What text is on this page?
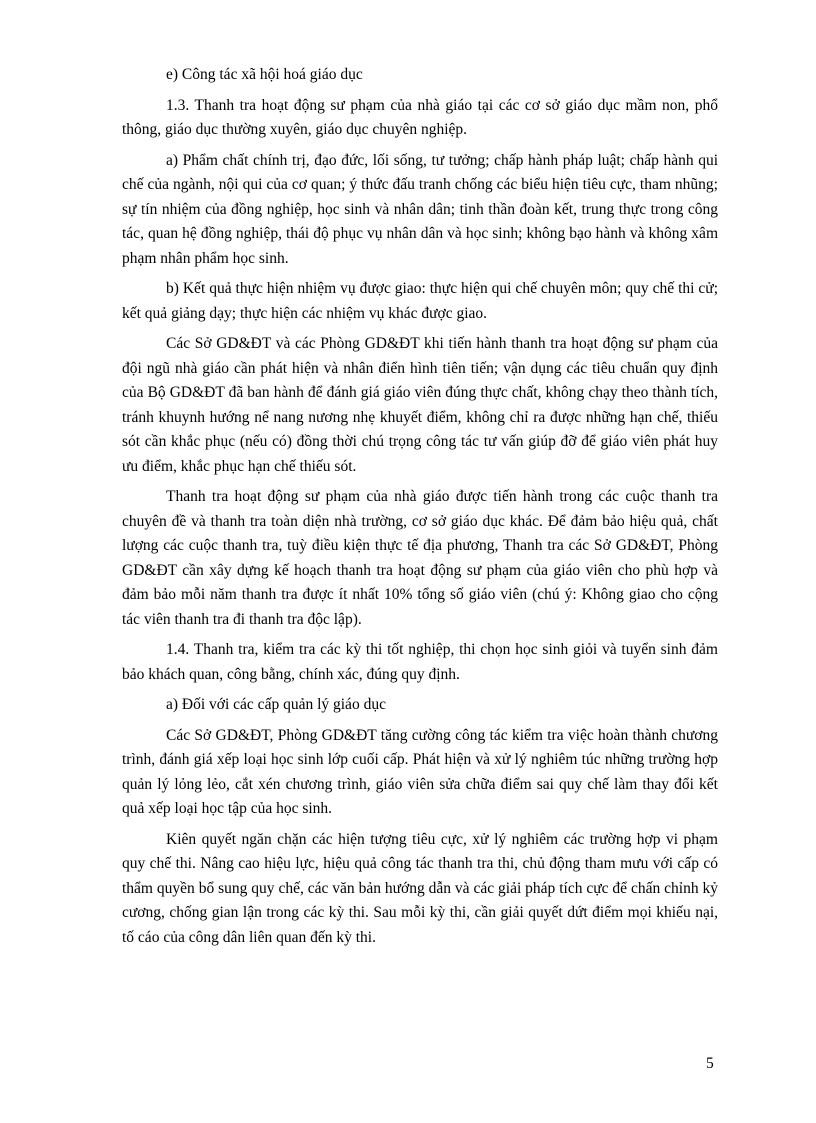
e) Công tác xã hội hoá giáo dục

1.3. Thanh tra hoạt động sư phạm của nhà giáo tại các cơ sở giáo dục mầm non, phổ thông, giáo dục thường xuyên, giáo dục chuyên nghiệp.

a) Phẩm chất chính trị, đạo đức, lối sống, tư tưởng; chấp hành pháp luật; chấp hành qui chế của ngành, nội qui của cơ quan; ý thức đấu tranh chống các biểu hiện tiêu cực, tham nhũng; sự tín nhiệm của đồng nghiệp, học sinh và nhân dân; tinh thần đoàn kết, trung thực trong công tác, quan hệ đồng nghiệp, thái độ phục vụ nhân dân và học sinh; không bạo hành và không xâm phạm nhân phẩm học sinh.

b) Kết quả thực hiện nhiệm vụ được giao: thực hiện qui chế chuyên môn; quy chế thi cử; kết quả giảng dạy; thực hiện các nhiệm vụ khác được giao.

Các Sở GD&ĐT và các Phòng GD&ĐT khi tiến hành thanh tra hoạt động sư phạm của đội ngũ nhà giáo cần phát hiện và nhân điển hình tiên tiến; vận dụng các tiêu chuẩn quy định của Bộ GD&ĐT đã ban hành để đánh giá giáo viên đúng thực chất, không chạy theo thành tích, tránh khuynh hướng nể nang nương nhẹ khuyết điểm, không chỉ ra được những hạn chế, thiếu sót cần khắc phục (nếu có) đồng thời chú trọng công tác tư vấn giúp đỡ để giáo viên phát huy ưu điểm, khắc phục hạn chế thiếu sót.

Thanh tra hoạt động sư phạm của nhà giáo được tiến hành trong các cuộc thanh tra chuyên đề và thanh tra toàn diện nhà trường, cơ sở giáo dục khác. Để đảm bảo hiệu quả, chất lượng các cuộc thanh tra, tuỳ điều kiện thực tế địa phương, Thanh tra các Sở GD&ĐT, Phòng GD&ĐT cần xây dựng kế hoạch thanh tra hoạt động sư phạm của giáo viên cho phù hợp và đảm bảo mỗi năm thanh tra được ít nhất 10% tổng số giáo viên (chú ý: Không giao cho cộng tác viên thanh tra đi thanh tra độc lập).

1.4. Thanh tra, kiểm tra các kỳ thi tốt nghiệp, thi chọn học sinh giỏi và tuyển sinh đảm bảo khách quan, công bằng, chính xác, đúng quy định.

a) Đối với các cấp quản lý giáo dục

Các Sở GD&ĐT, Phòng GD&ĐT tăng cường công tác kiểm tra việc hoàn thành chương trình, đánh giá xếp loại học sinh lớp cuối cấp. Phát hiện và xử lý nghiêm túc những trường hợp quản lý lỏng lẻo, cắt xén chương trình, giáo viên sửa chữa điểm sai quy chế làm thay đổi kết quả xếp loại học tập của học sinh.

Kiên quyết ngăn chặn các hiện tượng tiêu cực, xử lý nghiêm các trường hợp vi phạm quy chế thi. Nâng cao hiệu lực, hiệu quả công tác thanh tra thi, chủ động tham mưu với cấp có thẩm quyền bổ sung quy chế, các văn bản hướng dẫn và các giải pháp tích cực để chấn chỉnh kỷ cương, chống gian lận trong các kỳ thi. Sau mỗi kỳ thi, cần giải quyết dứt điểm mọi khiếu nại, tố cáo của công dân liên quan đến kỳ thi.

5
